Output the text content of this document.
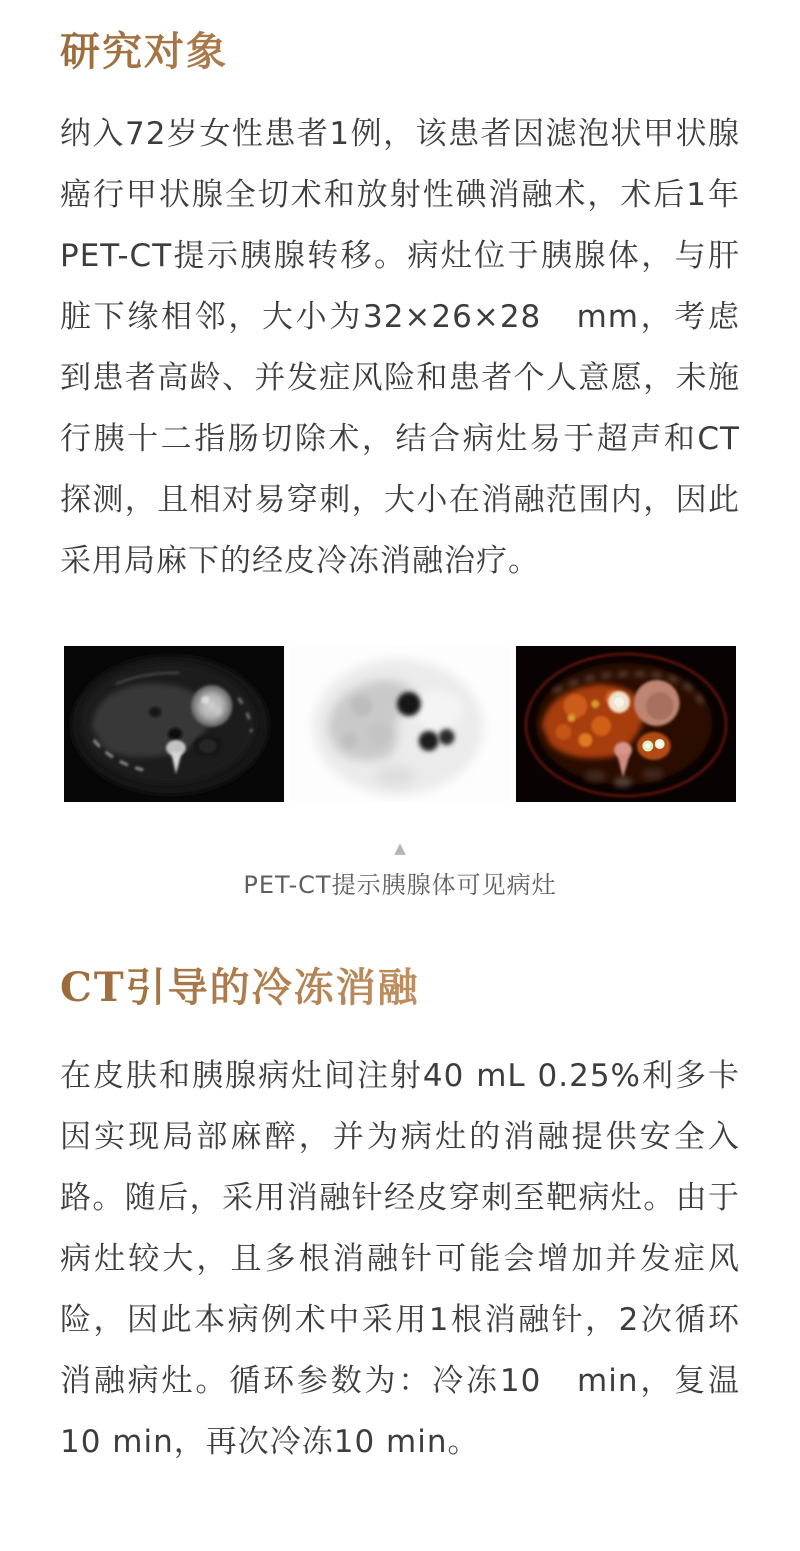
研究对象

纳入72岁女性患者1例，该患者因滤泡状甲状腺癌行甲状腺全切术和放射性碘消融术，术后1年PET-CT提示胰腺转移。病灶位于胰腺体，与肝脏下缘相邻，大小为32×26×28　mm，考虑到患者高龄、并发症风险和患者个人意愿，未施行胰十二指肠切除术，结合病灶易于超声和CT探测，且相对易穿刺，大小在消融范围内，因此采用局麻下的经皮冷冻消融治疗。

▲
PET-CT提示胰腺体可见病灶
CT引导的冷冻消融

在皮肤和胰腺病灶间注射40 mL 0.25%利多卡因实现局部麻醉，并为病灶的消融提供安全入路。随后，采用消融针经皮穿刺至靶病灶。由于病灶较大，且多根消融针可能会增加并发症风险，因此本病例术中采用1根消融针，2次循环消融病灶。循环参数为：冷冻10　min，复温10 min，再次冷冻10 min。
